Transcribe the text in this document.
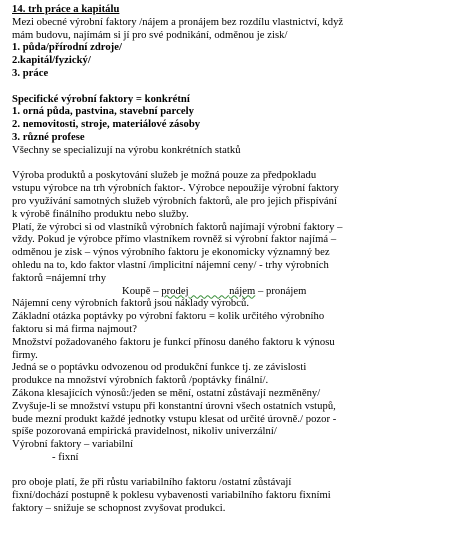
14. trh práce a kapitálu
Mezi obecné výrobní faktory /nájem a pronájem bez rozdílu vlastnictví, když
mám budovu, najímám si jí pro své podnikání, odměnou je zisk/
1. půda/přírodní zdroje/
2.kapitál/fyzický/
3. práce
Specifické výrobní faktory = konkrétní
1. orná půda, pastvina, stavební parcely
2. nemovitosti, stroje, materiálové zásoby
3. různé profese
Všechny se specializují na výrobu konkrétních statků
Výroba produktů a poskytování služeb je možná pouze za předpokladu
vstupu výrobce na trh výrobních faktor-. Výrobce nepoužije výrobní faktory
pro využívání samotných služeb výrobních faktorů, ale pro jejich přispívání
k výrobě finálního produktu nebo služby.
Platí, že výrobci si od vlastníků výrobních faktorů najímají výrobní faktory –
vždy. Pokud je výrobce přímo vlastníkem rovněž si výrobní faktor najímá –
odměnou je zisk – výnos výrobního faktoru je ekonomicky významný bez
ohledu na to, kdo faktor vlastní /implicitní nájemní ceny/ - trhy výrobních
faktorů =nájemní trhy
Koupě – prodej	nájem – pronájem
Nájemní ceny výrobních faktorů jsou náklady výrobců.
Základní otázka poptávky po výrobní faktoru = kolik určitého výrobního
faktoru si má firma najmout?
Množství požadovaného faktoru je funkcí přínosu daného faktoru k výnosu
firmy.
Jedná se o poptávku odvozenou od produkční funkce tj. ze závislosti
produkce na množství výrobních faktorů /poptávky finální/.
Zákona klesajících výnosů:/jeden se mění, ostatní zůstávají nezměněny/
Zvyšuje-li se množství vstupu při konstantní úrovni všech ostatních vstupů,
bude mezní produkt každé jednotky vstupu klesat od určité úrovně./ pozor -
spíše pozorovaná empirická pravidelnost, nikoliv univerzální/
Výrobní faktory – variabilní
- fixní
pro oboje platí, že při růstu variabilního faktoru /ostatní zůstávají
fixní/dochází postupně k poklesu vybavenosti variabilního faktoru fixními
faktory – snižuje se schopnost zvyšovat produkci.
